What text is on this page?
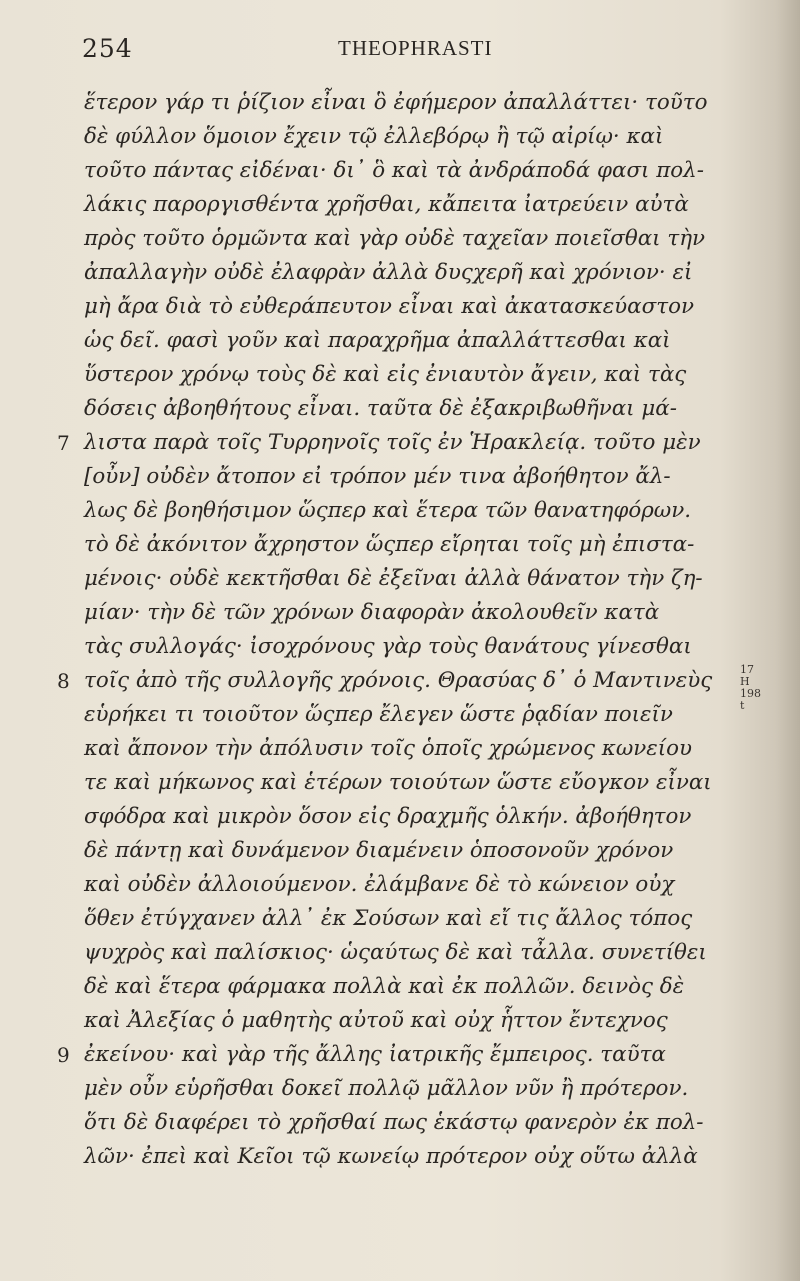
254	THEOPHRASTI
ἕτερον γάρ τι ῥίζιον εἶναι ὃ ἐφήμερον ἀπαλλάττει· τοῦτο
δὲ φύλλον ὅμοιον ἔχειν τῷ ἐλλεβόρῳ ἢ τῷ αἰρίῳ· καὶ
τοῦτο πάντας εἰδέναι· δι᾽ ὃ καὶ τὰ ἀνδράποδά φασι πολ-
λάκις παροργισθέντα χρῆσθαι, κἄπειτα ἰατρεύειν αὐτὰ
πρὸς τοῦτο ὁρμῶντα καὶ γὰρ οὐδὲ ταχεῖαν ποιεῖσθαι τὴν
ἀπαλλαγὴν οὐδὲ ἐλαφρὰν ἀλλὰ δυςχερῆ καὶ χρόνιον· εἰ
μὴ ἄρα διὰ τὸ εὐθεράπευτον εἶναι καὶ ἀκατασκεύαστον
ὡς δεῖ. φασὶ γοῦν καὶ παραχρῆμα ἀπαλλάττεσθαι καὶ
ὕστερον χρόνῳ τοὺς δὲ καὶ εἰς ἐνιαυτὸν ἄγειν, καὶ τὰς
δόσεις ἀβοηθήτους εἶναι. ταῦτα δὲ ἐξακριβωθῆναι μά-
7 λιστα παρὰ τοῖς Τυρρηνοῖς τοῖς ἐν Ἡρακλείᾳ. τοῦτο μὲν
[οὖν] οὐδὲν ἄτοπον εἰ τρόπον μέν τινα ἀβοήθητον ἄλ-
λως δὲ βοηθήσιμον ὥςπερ καὶ ἕτερα τῶν θανατηφόρων.
τὸ δὲ ἀκόνιτον ἄχρηστον ὥςπερ εἴρηται τοῖς μὴ ἐπιστα-
μένοις· οὐδὲ κεκτῆσθαι δὲ ἐξεῖναι ἀλλὰ θάνατον τὴν ζη-
μίαν· τὴν δὲ τῶν χρόνων διαφορὰν ἀκολουθεῖν κατὰ
τὰς συλλογάς· ἰσοχρόνους γὰρ τοὺς θανάτους γίνεσθαι
8 τοῖς ἀπὸ τῆς συλλογῆς χρόνοις. Θρασύας δ᾽ ὁ Μαντινεὺς
εὑρήκει τι τοιοῦτον ὥςπερ ἔλεγεν ὥστε ῥᾳδίαν ποιεῖν
καὶ ἄπονον τὴν ἀπόλυσιν τοῖς ὁποῖς χρώμενος κωνείου
τε καὶ μήκωνος καὶ ἑτέρων τοιούτων ὥστε εὔογκον εἶναι
σφόδρα καὶ μικρὸν ὅσον εἰς δραχμῆς ὁλκήν. ἀβοήθητον
δὲ πάντῃ καὶ δυνάμενον διαμένειν ὁποσονοῦν χρόνον
καὶ οὐδὲν ἀλλοιούμενον. ἐλάμβανε δὲ τὸ κώνειον οὐχ
ὅθεν ἐτύγχανεν ἀλλ᾽ ἐκ Σούσων καὶ εἴ τις ἄλλος τόπος
ψυχρὸς καὶ παλίσκιος· ὡςαύτως δὲ καὶ τἆλλα. συνετίθει
δὲ καὶ ἕτερα φάρμακα πολλὰ καὶ ἐκ πολλῶν. δεινὸς δὲ
καὶ Ἀλεξίας ὁ μαθητὴς αὐτοῦ καὶ οὐχ ἧττον ἔντεχνος
9 ἐκείνου· καὶ γὰρ τῆς ἄλλης ἰατρικῆς ἔμπειρος. ταῦτα
μὲν οὖν εὑρῆσθαι δοκεῖ πολλῷ μᾶλλον νῦν ἢ πρότερον.
ὅτι δὲ διαφέρει τὸ χρῆσθαί πως ἑκάστῳ φανερὸν ἐκ πολ-
λῶν· ἐπεὶ καὶ Κεῖοι τῷ κωνείῳ πρότερον οὐχ οὕτω ἀλλὰ
17 H
198 t
